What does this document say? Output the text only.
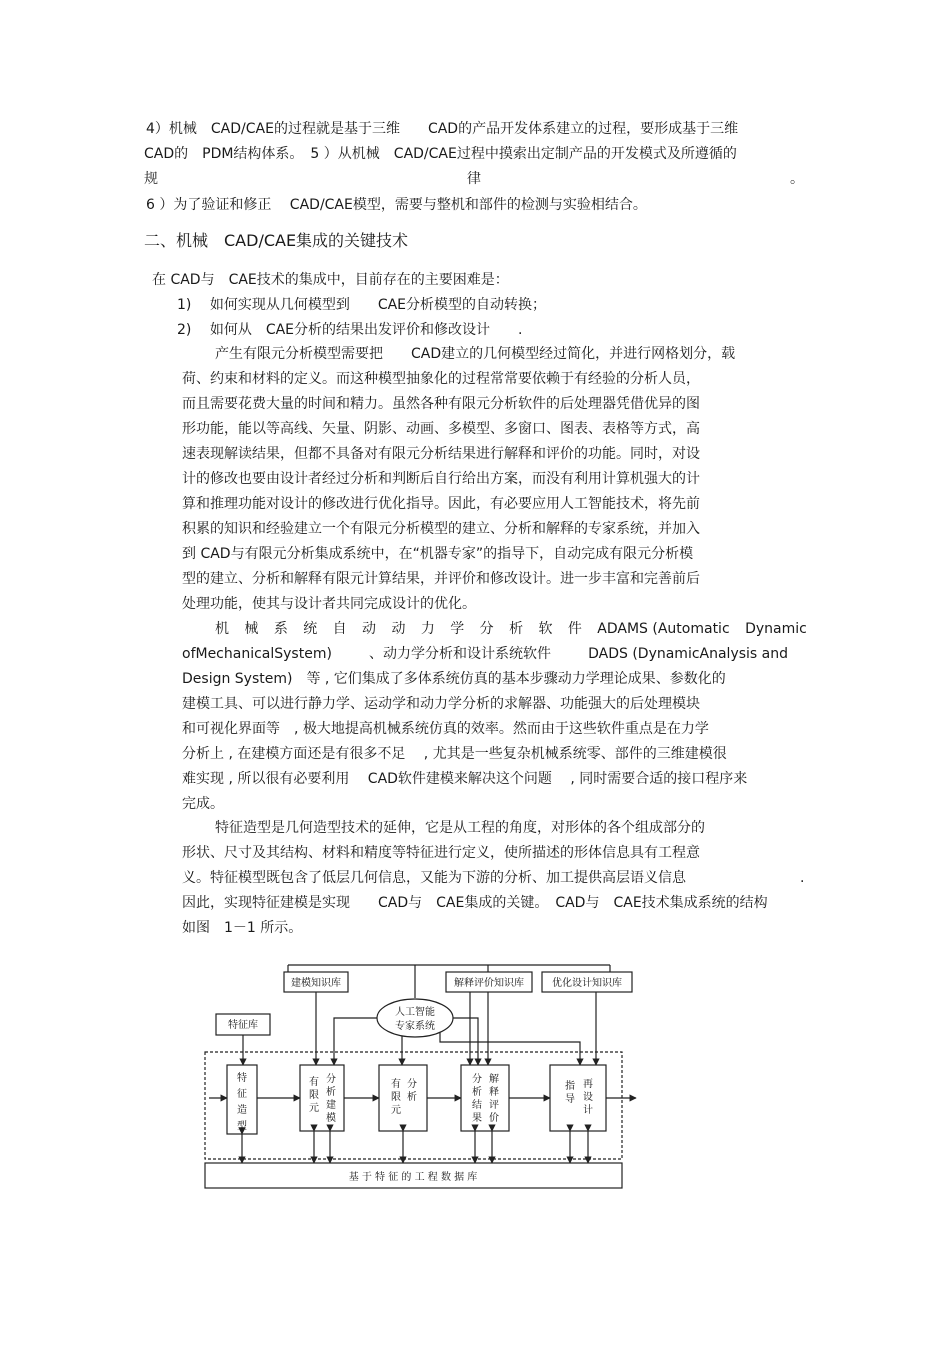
4）机械　CAD/CAE的过程就是基于三维　　CAD的产品开发体系建立的过程，要形成基于三维
CAD的　PDM结构体系。　5 ）从机械　CAD/CAE过程中摸索出定制产品的开发模式及所遵循的
规	律	。
6 ）为了验证和修正　 CAD/CAE模型，需要与整机和部件的检测与实验相结合。
二、机械　CAD/CAE集成的关键技术
在 CAD与　CAE技术的集成中，目前存在的主要困难是：
1)　 如何实现从几何模型到　　CAE分析模型的自动转换；
2)　 如何从　CAE分析的结果出发评价和修改设计　　.
产生有限元分析模型需要把　　CAD建立的几何模型经过简化，并进行网格划分，载
荷、约束和材料的定义。而这种模型抽象化的过程常常要依赖于有经验的分析人员，
而且需要花费大量的时间和精力。虽然各种有限元分析软件的后处理器凭借优异的图
形功能，能以等高线、矢量、阴影、动画、多模型、多窗口、图表、表格等方式，高
速表现解读结果，但都不具备对有限元分析结果进行解释和评价的功能。同时，对设
计的修改也要由设计者经过分析和判断后自行给出方案，而没有利用计算机强大的计
算和推理功能对设计的修改进行优化指导。因此，有必要应用人工智能技术，将先前
积累的知识和经验建立一个有限元分析模型的建立、分析和解释的专家系统，并加入
到 CAD与有限元分析集成系统中，在“机器专家”的指导下，自动完成有限元分析模
型的建立、分析和解释有限元计算结果，并评价和修改设计。进一步丰富和完善前后
处理功能，使其与设计者共同完成设计的优化。
机 械 系 统 自 动 动 力 学 分 析 软 件 ADAMS (Automatic Dynamic
ofMechanicalSystem)	、动力学分析和设计系统软件	DADS (DynamicAnalysis and
Design System)　等 , 它们集成了多体系统仿真的基本步骤动力学理论成果、参数化的
建模工具、可以进行静力学、运动学和动力学分析的求解器、功能强大的后处理模块
和可视化界面等　, 极大地提高机械系统仿真的效率。然而由于这些软件重点是在力学
分析上 , 在建模方面还是有很多不足　 , 尤其是一些复杂机械系统零、部件的三维建模很
难实现 , 所以很有必要利用　 CAD软件建模来解决这个问题　 , 同时需要合适的接口程序来
完成。
特征造型是几何造型技术的延伸，它是从工程的角度，对形体的各个组成部分的
形状、尺寸及其结构、材料和精度等特征进行定义，使所描述的形体信息具有工程意
义。特征模型既包含了低层几何信息，又能为下游的分析、加工提供高层语义信息	.
因此，实现特征建模是实现　　CAD与　CAE集成的关键。　CAD与　CAE技术集成系统的结构
如图　1－1 所示。
建模知识库	解释评价知识库	优化设计知识库
人工智能
专家系统
特征库
特
征
造
型
有
限
元
分
析
建
模
有
限
元
分
析
分
析
结
果
解
释
评
价
指
导
再
设
计
基 于 特 征 的 工 程 数 据 库
